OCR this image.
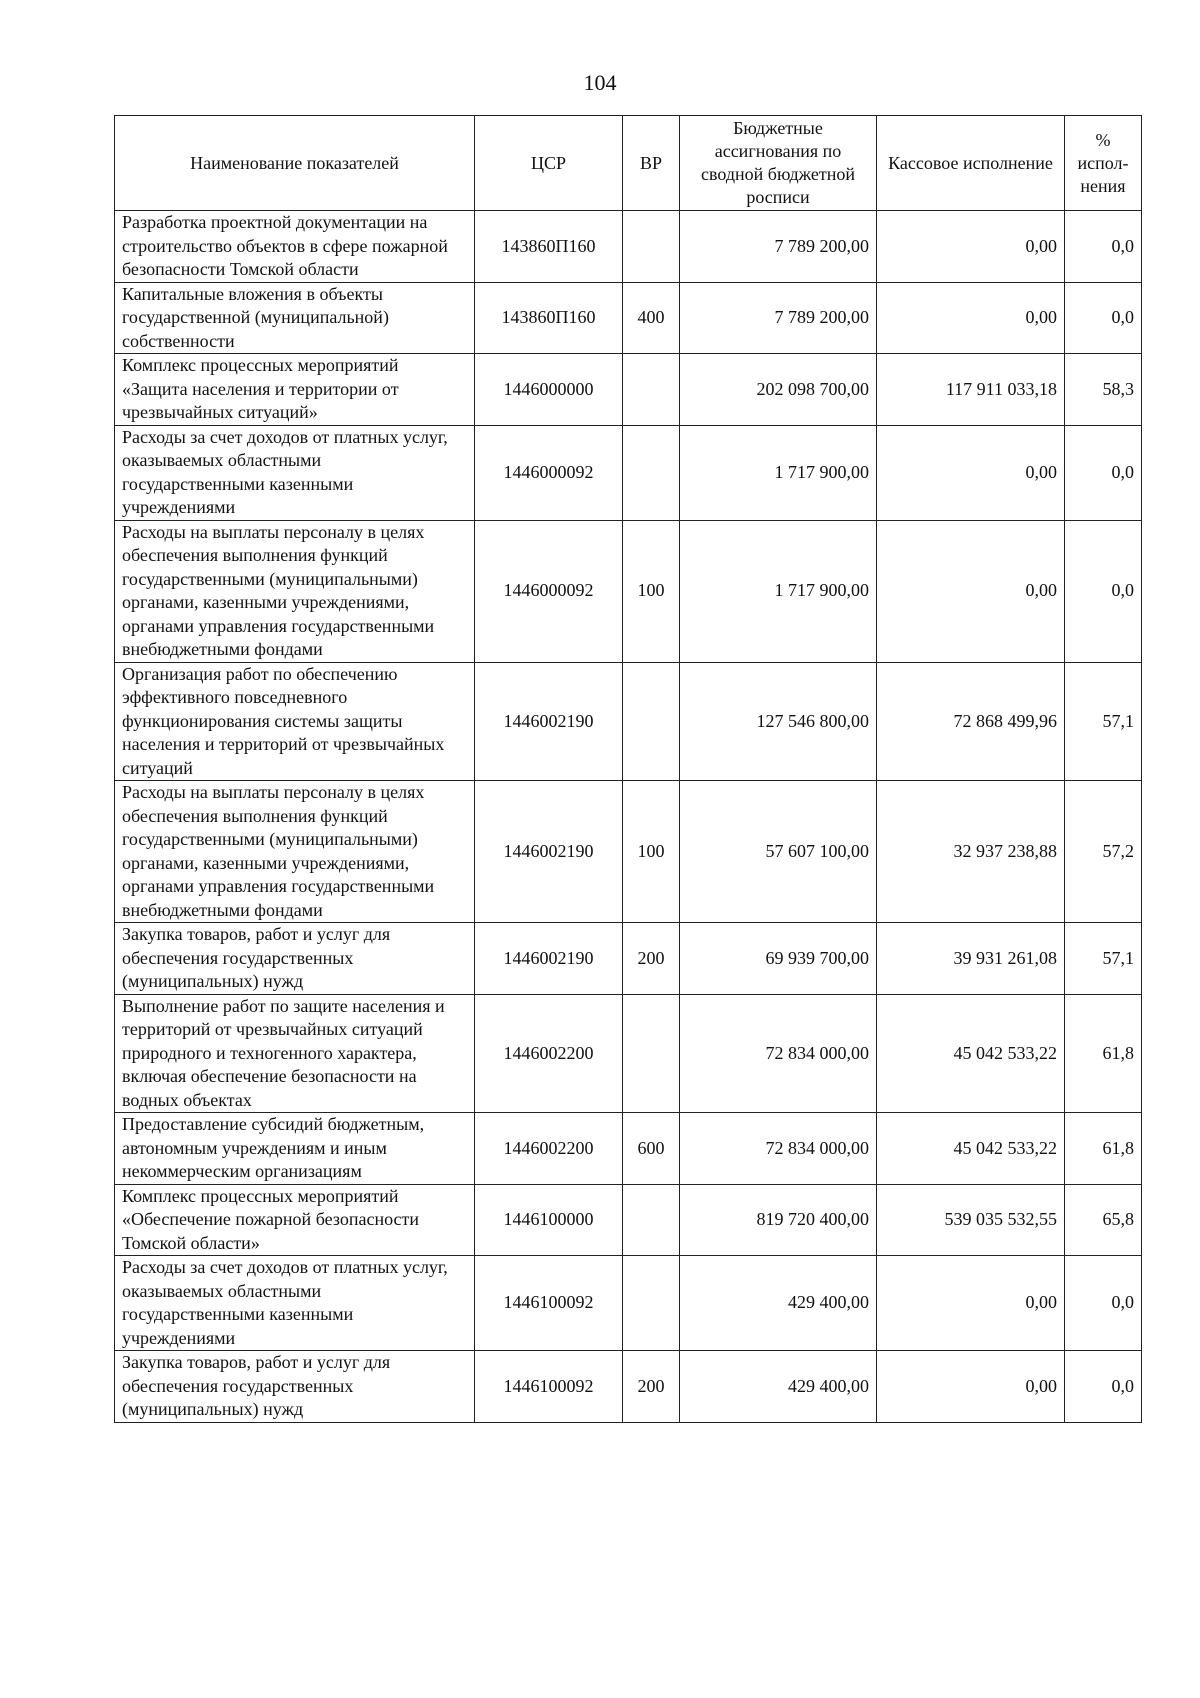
104
Наименование показателей	ЦСР	ВР	Бюджетные ассигнования по сводной бюджетной росписи	Кассовое исполнение	% испол-нения
Разработка проектной документации на строительство объектов в сфере пожарной безопасности Томской области	143860П160		7 789 200,00	0,00	0,0
Капитальные вложения в объекты государственной (муниципальной) собственности	143860П160	400	7 789 200,00	0,00	0,0
Комплекс процессных мероприятий «Защита населения и территории от чрезвычайных ситуаций»	1446000000		202 098 700,00	117 911 033,18	58,3
Расходы за счет доходов от платных услуг, оказываемых областными государственными казенными учреждениями	1446000092		1 717 900,00	0,00	0,0
Расходы на выплаты персоналу в целях обеспечения выполнения функций государственными (муниципальными) органами, казенными учреждениями, органами управления государственными внебюджетными фондами	1446000092	100	1 717 900,00	0,00	0,0
Организация работ по обеспечению эффективного повседневного функционирования системы защиты населения и территорий от чрезвычайных ситуаций	1446002190		127 546 800,00	72 868 499,96	57,1
Расходы на выплаты персоналу в целях обеспечения выполнения функций государственными (муниципальными) органами, казенными учреждениями, органами управления государственными внебюджетными фондами	1446002190	100	57 607 100,00	32 937 238,88	57,2
Закупка товаров, работ и услуг для обеспечения государственных (муниципальных) нужд	1446002190	200	69 939 700,00	39 931 261,08	57,1
Выполнение работ по защите населения и территорий от чрезвычайных ситуаций природного и техногенного характера, включая обеспечение безопасности на водных объектах	1446002200		72 834 000,00	45 042 533,22	61,8
Предоставление субсидий бюджетным, автономным учреждениям и иным некоммерческим организациям	1446002200	600	72 834 000,00	45 042 533,22	61,8
Комплекс процессных мероприятий «Обеспечение пожарной безопасности Томской области»	1446100000		819 720 400,00	539 035 532,55	65,8
Расходы за счет доходов от платных услуг, оказываемых областными государственными казенными учреждениями	1446100092		429 400,00	0,00	0,0
Закупка товаров, работ и услуг для обеспечения государственных (муниципальных) нужд	1446100092	200	429 400,00	0,00	0,0
